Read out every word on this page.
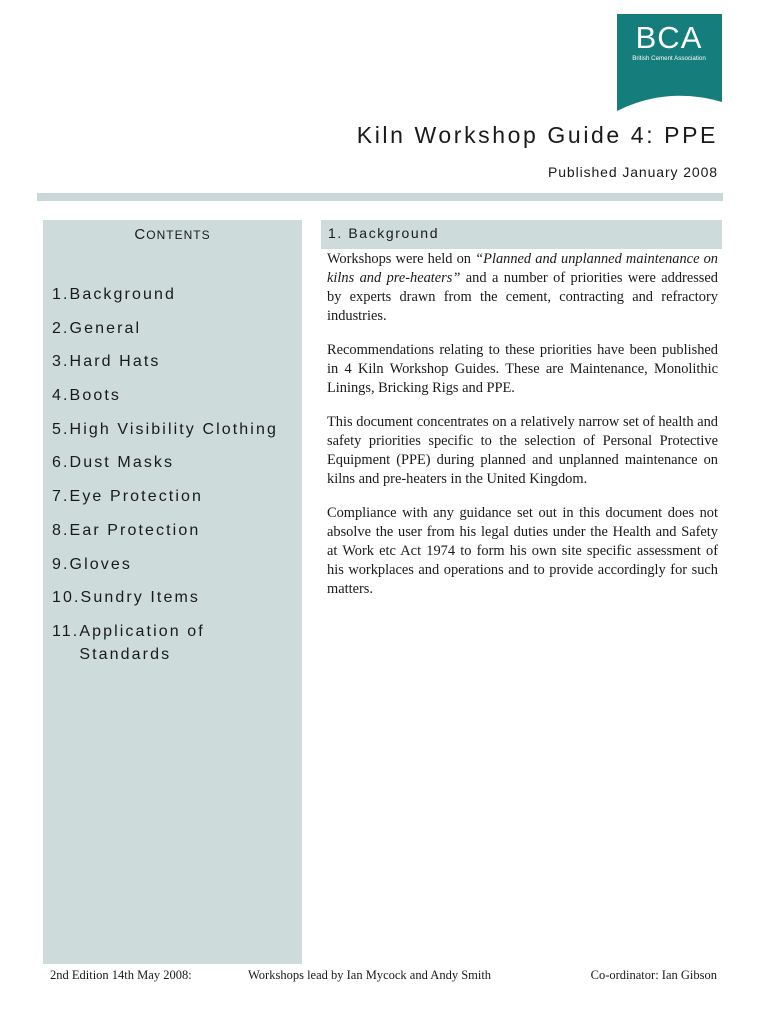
BCA
British Cement Association
Kiln Workshop Guide 4: PPE
Published January 2008
CONTENTS
1. Background
2. General
3. Hard Hats
4. Boots
5. High Visibility Clothing
6. Dust Masks
7. Eye Protection
8. Ear Protection
9. Gloves
10. Sundry Items
11. Application of Standards
1. Background

Workshops were held on “Planned and unplanned maintenance on kilns and pre-heaters” and a number of priorities were addressed by experts drawn from the cement, contracting and refractory industries.

Recommendations relating to these priorities have been published in 4 Kiln Workshop Guides. These are Maintenance, Monolithic Linings, Bricking Rigs and PPE.

This document concentrates on a relatively narrow set of health and safety priorities specific to the selection of Personal Protective Equipment (PPE) during planned and unplanned maintenance on kilns and pre-heaters in the United Kingdom.

Compliance with any guidance set out in this document does not absolve the user from his legal duties under the Health and Safety at Work etc Act 1974 to form his own site specific assessment of his workplaces and operations and to provide accordingly for such matters.

2nd Edition 14th May 2008:	Workshops lead by Ian Mycock and Andy Smith	Co-ordinator: Ian Gibson
